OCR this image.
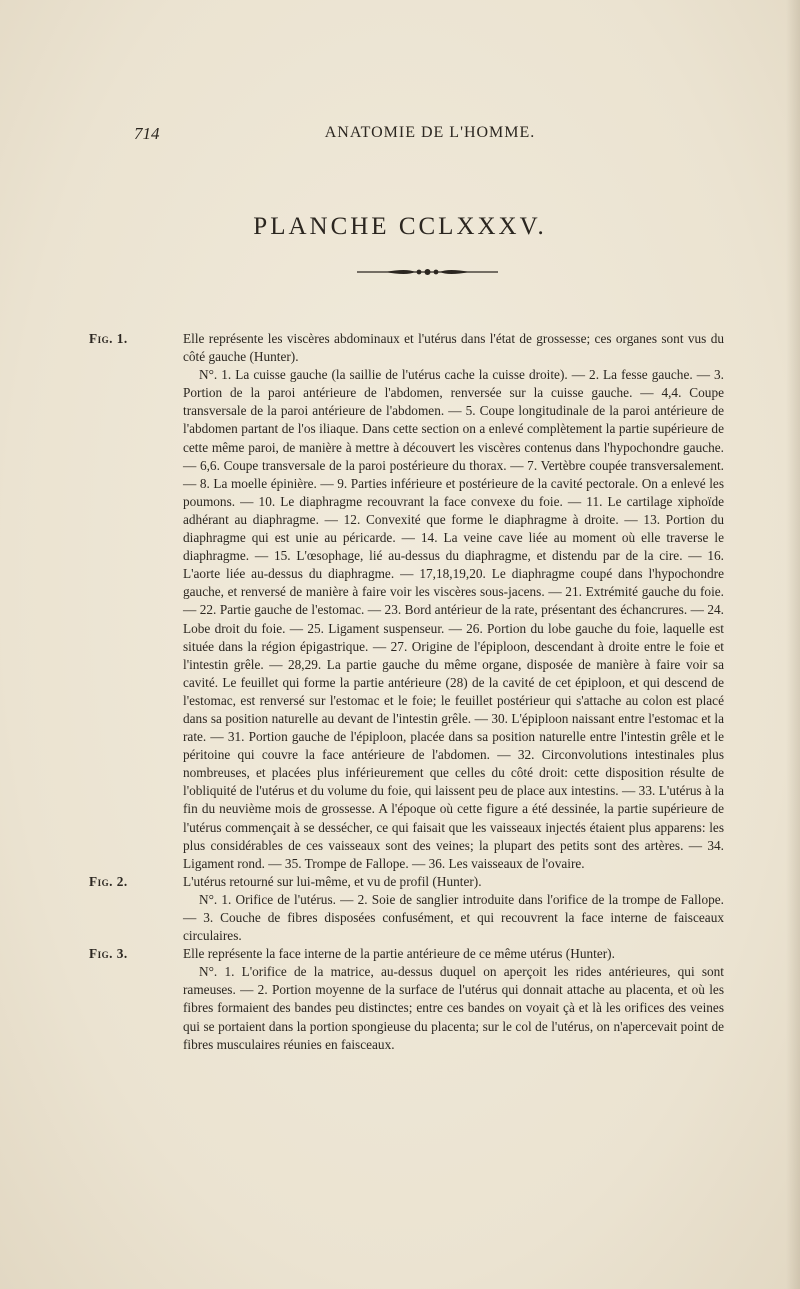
714	ANATOMIE DE L'HOMME.
PLANCHE CCLXXXV.
Fig. 1.	Elle représente les viscères abdominaux et l'utérus dans l'état de grossesse; ces organes sont vus du côté gauche (Hunter).
N°. 1. La cuisse gauche (la saillie de l'utérus cache la cuisse droite). — 2. La fesse gauche. — 3. Portion de la paroi antérieure de l'abdomen, renversée sur la cuisse gauche. — 4,4. Coupe transversale de la paroi antérieure de l'abdomen. — 5. Coupe longitudinale de la paroi antérieure de l'abdomen partant de l'os iliaque. Dans cette section on a enlevé complètement la partie supérieure de cette même paroi, de manière à mettre à découvert les viscères contenus dans l'hypochondre gauche. — 6,6. Coupe transversale de la paroi postérieure du thorax. — 7. Vertèbre coupée transversalement. — 8. La moelle épinière. — 9. Parties inférieure et postérieure de la cavité pectorale. On a enlevé les poumons. — 10. Le diaphragme recouvrant la face convexe du foie. — 11. Le cartilage xiphoïde adhérant au diaphragme. — 12. Convexité que forme le diaphragme à droite. — 13. Portion du diaphragme qui est unie au péricarde. — 14. La veine cave liée au moment où elle traverse le diaphragme. — 15. L'œsophage, lié au-dessus du diaphragme, et distendu par de la cire. — 16. L'aorte liée au-dessus du diaphragme. — 17,18,19,20. Le diaphragme coupé dans l'hypochondre gauche, et renversé de manière à faire voir les viscères sous-jacens. — 21. Extrémité gauche du foie. — 22. Partie gauche de l'estomac. — 23. Bord antérieur de la rate, présentant des échancrures. — 24. Lobe droit du foie. — 25. Ligament suspenseur. — 26. Portion du lobe gauche du foie, laquelle est située dans la région épigastrique. — 27. Origine de l'épiploon, descendant à droite entre le foie et l'intestin grêle. — 28,29. La partie gauche du même organe, disposée de manière à faire voir sa cavité. Le feuillet qui forme la partie antérieure (28) de la cavité de cet épiploon, et qui descend de l'estomac, est renversé sur l'estomac et le foie; le feuillet postérieur qui s'attache au colon est placé dans sa position naturelle au devant de l'intestin grêle. — 30. L'épiploon naissant entre l'estomac et la rate. — 31. Portion gauche de l'épiploon, placée dans sa position naturelle entre l'intestin grêle et le péritoine qui couvre la face antérieure de l'abdomen. — 32. Circonvolutions intestinales plus nombreuses, et placées plus inférieurement que celles du côté droit: cette disposition résulte de l'obliquité de l'utérus et du volume du foie, qui laissent peu de place aux intestins. — 33. L'utérus à la fin du neuvième mois de grossesse. A l'époque où cette figure a été dessinée, la partie supérieure de l'utérus commençait à se dessécher, ce qui faisait que les vaisseaux injectés étaient plus apparens: les plus considérables de ces vaisseaux sont des veines; la plupart des petits sont des artères. — 34. Ligament rond. — 35. Trompe de Fallope. — 36. Les vaisseaux de l'ovaire.
Fig. 2.	L'utérus retourné sur lui-même, et vu de profil (Hunter).
N°. 1. Orifice de l'utérus. — 2. Soie de sanglier introduite dans l'orifice de la trompe de Fallope. — 3. Couche de fibres disposées confusément, et qui recouvrent la face interne de faisceaux circulaires.
Fig. 3.	Elle représente la face interne de la partie antérieure de ce même utérus (Hunter).
N°. 1. L'orifice de la matrice, au-dessus duquel on aperçoit les rides antérieures, qui sont rameuses. — 2. Portion moyenne de la surface de l'utérus qui donnait attache au placenta, et où les fibres formaient des bandes peu distinctes; entre ces bandes on voyait çà et là les orifices des veines qui se portaient dans la portion spongieuse du placenta; sur le col de l'utérus, on n'apercevait point de fibres musculaires réunies en faisceaux.
